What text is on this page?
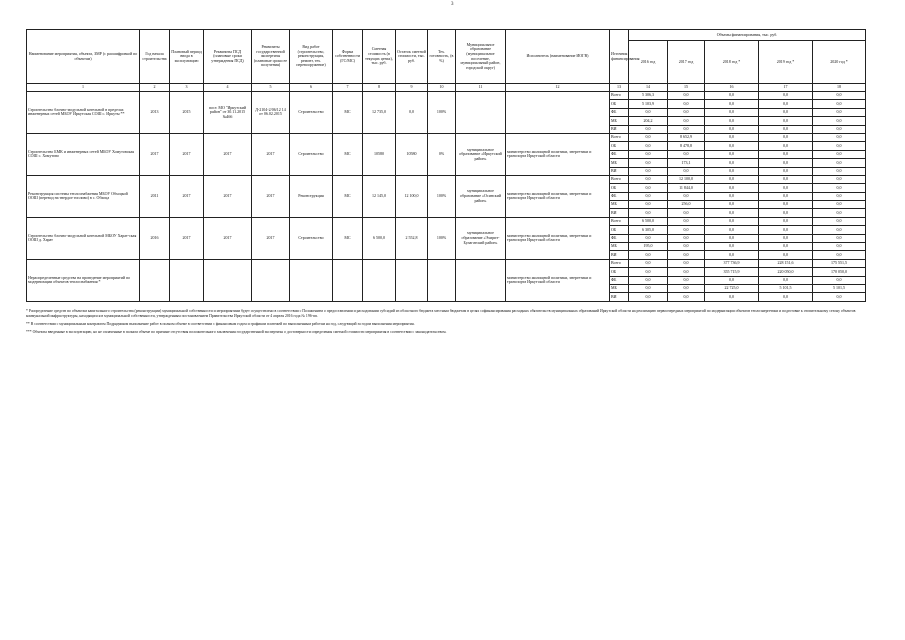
3
Наименование мероприятия, объекта, ЗМР (с расшифровкой по объектам)	Год начала строительства	Плановый период ввода в эксплуатацию	Реквизиты ПСД (плановые сроки утверждения ПСД)	Реквизиты государственной экспертизы (плановые сроки ее получения)	Вид работ (строительство, реконструкция, ремонт, тех. перевооружение)	Форма собственности (ГС/МС)	Сметная стоимость (в текущих ценах), тыс. руб.	Остаток сметной стоимости, тыс. руб.	Тех. готовность, (в %)	Муниципальное образование (муниципальное поселение, муниципальный район, городской округ)	Исполнитель (наименование ИОГВ)	Источник финансирования	Объемы финансирования, тыс. руб.				
													2016 год	2017 год	2018 год *	2019 год *	2020 год *
1	2	3	4	5	6	7	8	9	10	11	12	13	14	15	16	17	18
Строительство блочно-модульной котельной в пределах инженерных сетей МБОУ Иркутская СОШ с. Иркуты **	2013	2015	пост. МО "Иркутский район" от 30.11.2015 №466	Д-2104-2/06/12 14 от 06.02.2015	Строительство	МС	12 735,0	0,0	100%			Всего	5 306,3	0,0	0,0	0,0	0,0
												ОБ	5 103,9	0,0	0,0	0,0	0,0
												ФБ	0,0	0,0	0,0	0,0	0,0
												МБ	204,2	0,0	0,0	0,0	0,0
												ВИ	0,0	0,0	0,0	0,0	0,0
Строительство БМК и инженерных сетей МБОУ Хомутовская СОШ с. Хомутово	2017	2017	2017	2017	Строительство	МС	10580	10580	0%	муниципальное образование «Иркутский район»	министерство жилищной политики, энергетики и транспорта Иркутской области	Всего	0,0	8 652,9	0,0	0,0	0,0
												ОБ	0,0	8 478,8	0,0	0,0	0,0
												ФБ	0,0	0,0	0,0	0,0	0,0
												МБ	0,0	173,1	0,0	0,0	0,0
												ВИ	0,0	0,0	0,0	0,0	0,0
Реконструкция системы теплоснабжения МБОУ Обхоцкой ООШ (перевод на твердое топливо) в с. Обхоца	2011	2017	2017	2017	Реконструкция	МС	12 145,0	12 100,0	100%	муниципальное образование «Осинский район»	министерство жилищной политики, энергетики и транспорта Иркутской области	Всего	0,0	12 100,0	0,0	0,0	0,0
												ОБ	0,0	11 844,0	0,0	0,0	0,0
												ФБ	0,0	0,0	0,0	0,0	0,0
												МБ	0,0	256,0	0,0	0,0	0,0
												ВИ	0,0	0,0	0,0	0,0	0,0
Строительство блочно-модульной котельной МБОУ Харат-ская ООШ д. Харат	2016	2017	2017	2017	Строительство	МС	6 500,0	2 552,8	100%	муниципальное образование «Эхирит-Булагатский район»	министерство жилищной политики, энергетики и транспорта Иркутской области	Всего	6 500,0	0,0	0,0	0,0	0,0
												ОБ	6 305,0	0,0	0,0	0,0	0,0
												ФБ	0,0	0,0	0,0	0,0	0,0
												МБ	195,0	0,0	0,0	0,0	0,0
												ВИ	0,0	0,0	0,0	0,0	0,0
Нераспределенные средства на проведение мероприятий по модернизации объектов теплоснабжения *											министерство жилищной политики, энергетики и транспорта Иркутской области	Всего	0,0	0,0	377 736,9	228 151,6	175 551,5
												ОБ	0,0	0,0	355 715,9	220 050,0	170 050,0
												ФБ	0,0	0,0	0,0	0,0	0,0
												МБ	0,0	0,0	22 725,0	5 101,5	5 101,5
												ВИ	0,0	0,0	0,0	0,0	0,0

* Распределение средств по объектам капитального строительства (реконструкции) муниципальной собственности и мероприятиям будет осуществлено в соответствии с Положением о предоставлении и расходовании субсидий из областного бюджета местным бюджетам в целях софинансирования расходных обязательств муниципальных образований Иркутской области на реализацию первоочередных мероприятий по модернизации объектов теплоэнергетики и подготовке к отопительному сезону объектов коммунальной инфраструктуры, находящихся в муниципальной собственности, утвержденным постановлением Правительства Иркутской области от 4 апреля 2016 года № 196-пп.

** В соответствии с муниципальным контрактом Подрядчиком выполнение работ в полном объеме в соответствии с финансовым годом и графиком платежей по выполненным работам на год, следующий за годом выполнения мероприятия.

*** Объекты введенные в эксплуатацию, но не оплаченные в полном объеме по причине отсутствия положительного заключения государственной экспертизы о достоверности определения сметной стоимости мероприятия в соответствии с законодательством.
